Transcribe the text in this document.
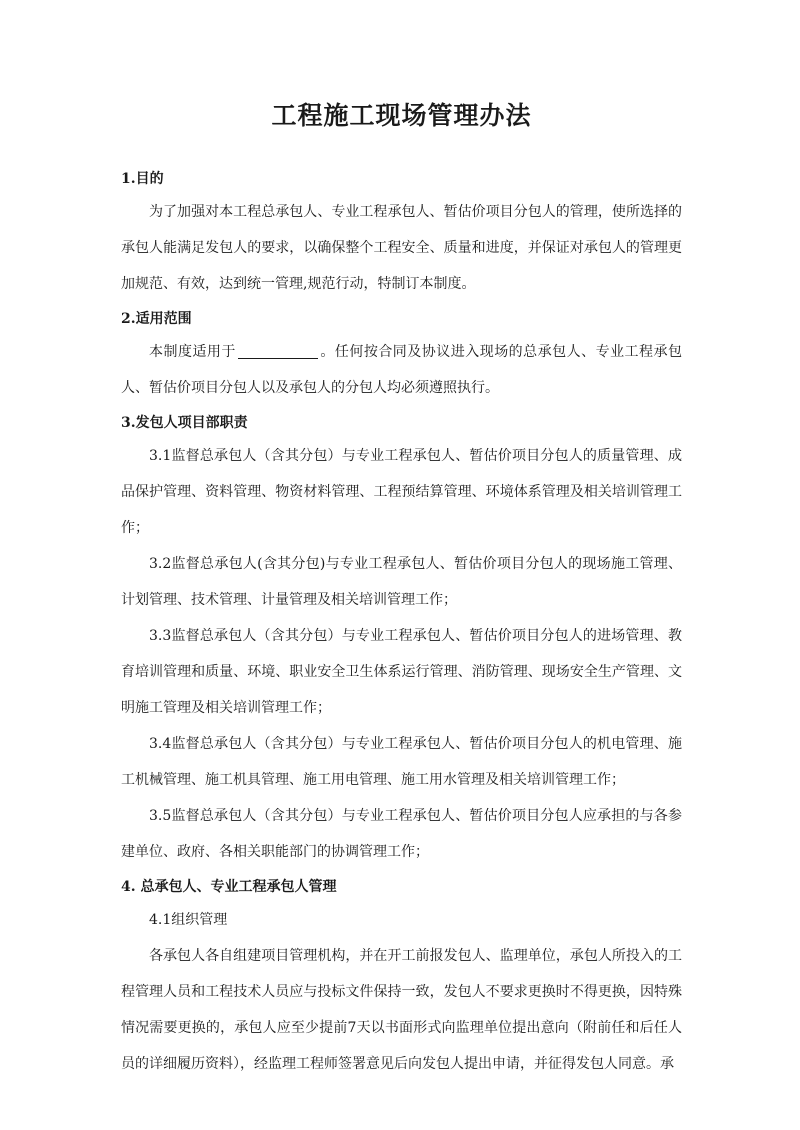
工程施工现场管理办法

1.目的

为了加强对本工程总承包人、专业工程承包人、暂估价项目分包人的管理，使所选择的承包人能满足发包人的要求，以确保整个工程安全、质量和进度，并保证对承包人的管理更加规范、有效，达到统一管理,规范行动，特制订本制度。

2.适用范围

本制度适用于	。任何按合同及协议进入现场的总承包人、专业工程承包人、暂估价项目分包人以及承包人的分包人均必须遵照执行。

3.发包人项目部职责

3.1监督总承包人（含其分包）与专业工程承包人、暂估价项目分包人的质量管理、成品保护管理、资料管理、物资材料管理、工程预结算管理、环境体系管理及相关培训管理工作；

3.2监督总承包人(含其分包)与专业工程承包人、暂估价项目分包人的现场施工管理、计划管理、技术管理、计量管理及相关培训管理工作；

3.3监督总承包人（含其分包）与专业工程承包人、暂估价项目分包人的进场管理、教育培训管理和质量、环境、职业安全卫生体系运行管理、消防管理、现场安全生产管理、文明施工管理及相关培训管理工作；

3.4监督总承包人（含其分包）与专业工程承包人、暂估价项目分包人的机电管理、施工机械管理、施工机具管理、施工用电管理、施工用水管理及相关培训管理工作；

3.5监督总承包人（含其分包）与专业工程承包人、暂估价项目分包人应承担的与各参建单位、政府、各相关职能部门的协调管理工作；

4. 总承包人、专业工程承包人管理

4.1组织管理

各承包人各自组建项目管理机构，并在开工前报发包人、监理单位，承包人所投入的工程管理人员和工程技术人员应与投标文件保持一致，发包人不要求更换时不得更换，因特殊情况需要更换的，承包人应至少提前7天以书面形式向监理单位提出意向（附前任和后任人员的详细履历资料），经监理工程师签署意见后向发包人提出申请，并征得发包人同意。承
